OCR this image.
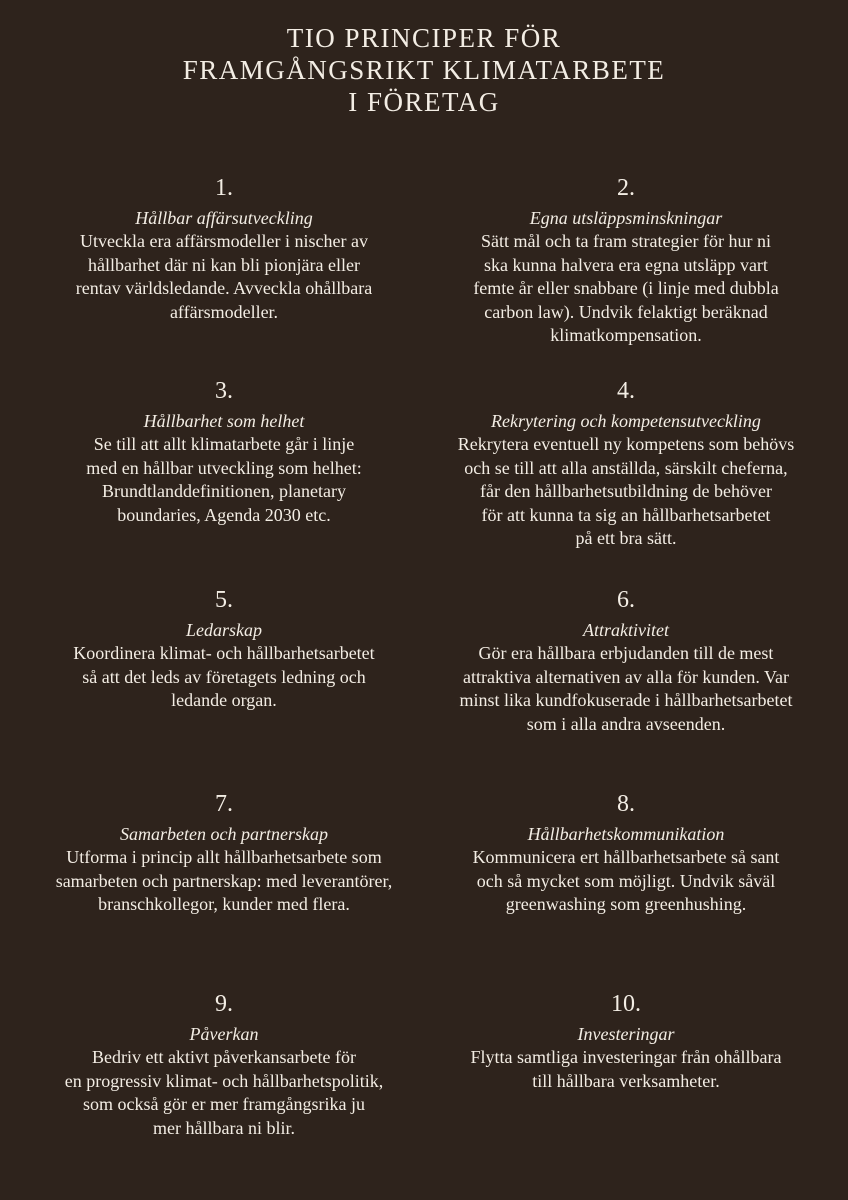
TIO PRINCIPER FÖR
FRAMGÅNGSRIKT KLIMATARBETE
I FÖRETAG
1.
Hållbar affärsutveckling
Utveckla era affärsmodeller i nischer av
hållbarhet där ni kan bli pionjära eller
rentav världsledande. Avveckla ohållbara
affärsmodeller.
2.
Egna utsläppsminskningar
Sätt mål och ta fram strategier för hur ni
ska kunna halvera era egna utsläpp vart
femte år eller snabbare (i linje med dubbla
carbon law). Undvik felaktigt beräknad
klimatkompensation.
3.
Hållbarhet som helhet
Se till att allt klimatarbete går i linje
med en hållbar utveckling som helhet:
Brundtlanddefinitionen, planetary
boundaries, Agenda 2030 etc.
4.
Rekrytering och kompetensutveckling
Rekrytera eventuell ny kompetens som behövs
och se till att alla anställda, särskilt cheferna,
får den hållbarhetsutbildning de behöver
för att kunna ta sig an hållbarhetsarbetet
på ett bra sätt.
5.
Ledarskap
Koordinera klimat- och hållbarhetsarbetet
så att det leds av företagets ledning och
ledande organ.
6.
Attraktivitet
Gör era hållbara erbjudanden till de mest
attraktiva alternativen av alla för kunden. Var
minst lika kundfokuserade i hållbarhetsarbetet
som i alla andra avseenden.
7.
Samarbeten och partnerskap
Utforma i princip allt hållbarhetsarbete som
samarbeten och partnerskap: med leverantörer,
branschkollegor, kunder med flera.
8.
Hållbarhetskommunikation
Kommunicera ert hållbarhetsarbete så sant
och så mycket som möjligt. Undvik såväl
greenwashing som greenhushing.
9.
Påverkan
Bedriv ett aktivt påverkansarbete för
en progressiv klimat- och hållbarhetspolitik,
som också gör er mer framgångsrika ju
mer hållbara ni blir.
10.
Investeringar
Flytta samtliga investeringar från ohållbara
till hållbara verksamheter.
